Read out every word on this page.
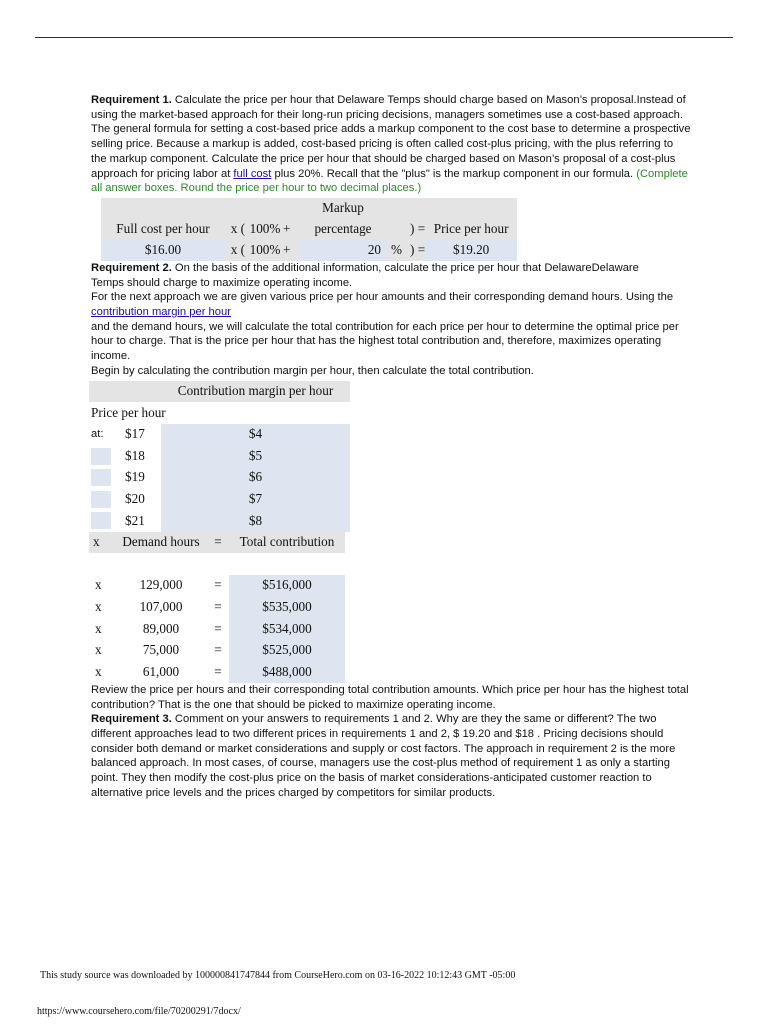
Requirement 1. Calculate the price per hour that Delaware Temps should charge based on Mason’s proposal.Instead of using the market-based approach for their long-run pricing decisions, managers sometimes use a cost-based approach. The general formula for setting a cost-based price adds a markup component to the cost base to determine a prospective selling price. Because a markup is added, cost-based pricing is often called cost-plus pricing, with the plus referring to the markup component. Calculate the price per hour that should be charged based on Mason’s proposal of a cost-plus approach for pricing labor at full cost plus 20%. Recall that the "plus" is the markup component in our formula. (Complete all answer boxes. Round the price per hour to two decimal places.)

				Markup		
Full cost per hour	x (	100%	+	percentage	) =	Price per hour
$16.00	x (	100%	+	20	% ) =	$19.20

Requirement 2. On the basis of the additional information, calculate the price per hour that DelawareDelaware

Temps should charge to maximize operating income.

For the next approach we are given various price per hour amounts and their corresponding demand hours. Using the

contribution margin per hour

and the demand hours, we will calculate the total contribution for each price per hour to determine the optimal price per hour to charge. That is the price per hour that has the highest total contribution and, therefore, maximizes operating income.

Begin by calculating the contribution margin per hour, then calculate the total contribution.

		Contribution margin per hour
Price per hour		
at:	$17	$4

	$18	$5

	$19	$6

	$20	$7

	$21	$8
x	Demand hours	=	Total contribution

x	129,000	=	$516,000
x	107,000	=	$535,000
x	89,000	=	$534,000
x	75,000	=	$525,000
x	61,000	=	$488,000

Review the price per hours and their corresponding total contribution amounts. Which price per hour has the highest total contribution? That is the one that should be picked to maximize operating income.

Requirement 3. Comment on your answers to requirements 1 and 2. Why are they the same or different? The two different approaches lead to two different prices in requirements 1 and 2, $ 19.20 and $18 . Pricing decisions should consider both demand or market considerations and supply or cost factors. The approach in requirement 2 is the more balanced approach. In most cases, of course, managers use the cost-plus method of requirement 1 as only a starting point. They then modify the cost-plus price on the basis of market considerations-anticipated customer reaction to alternative price levels and the prices charged by competitors for similar products.

This study source was downloaded by 100000841747844 from CourseHero.com on 03-16-2022 10:12:43 GMT -05:00
https://www.coursehero.com/file/70200291/7docx/
